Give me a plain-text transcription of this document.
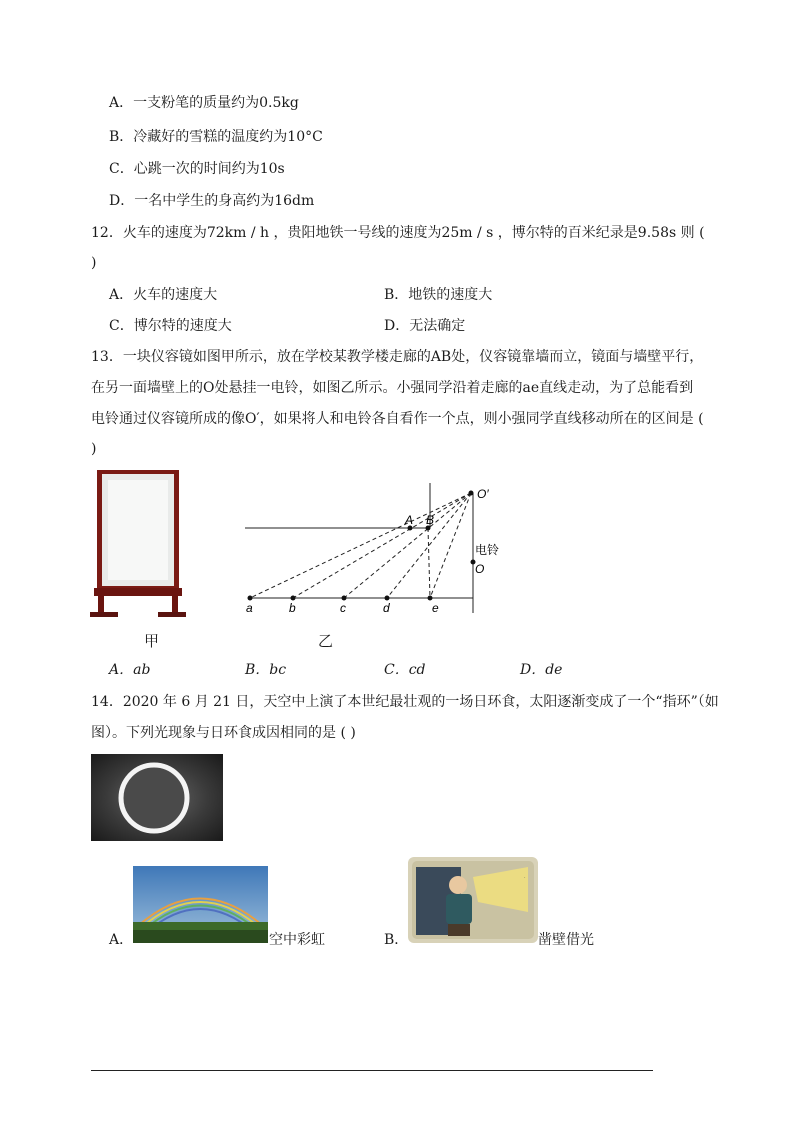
A．一支粉笔的质量约为0.5kg
B．冷藏好的雪糕的温度约为10°C
C．心跳一次的时间约为10s
D．一名中学生的身高约为16dm
12．火车的速度为72km / h ，贵阳地铁一号线的速度为25m / s ，博尔特的百米纪录是9.58s 则 (
)
A．火车的速度大	B．地铁的速度大
C．博尔特的速度大	D．无法确定
13．一块仪容镜如图甲所示，放在学校某教学楼走廊的AB处，仪容镜靠墙而立，镜面与墙壁平行，
在另一面墙壁上的O处悬挂一电铃，如图乙所示。小强同学沿着走廊的ae直线走动，为了总能看到
电铃通过仪容镜所成的像O′，如果将人和电铃各自看作一个点，则小强同学直线移动所在的区间是 (
)
甲
O′
O
电铃
A B
a	b	c	d	e
乙
A．ab	B．bc	C．cd	D．de
14．2020 年 6 月 21 日，天空中上演了本世纪最壮观的一场日环食，太阳逐渐变成了一个“指环”（如
图）。下列光现象与日环食成因相同的是 ( )
A．	空中彩虹	B．
·
凿壁借光
